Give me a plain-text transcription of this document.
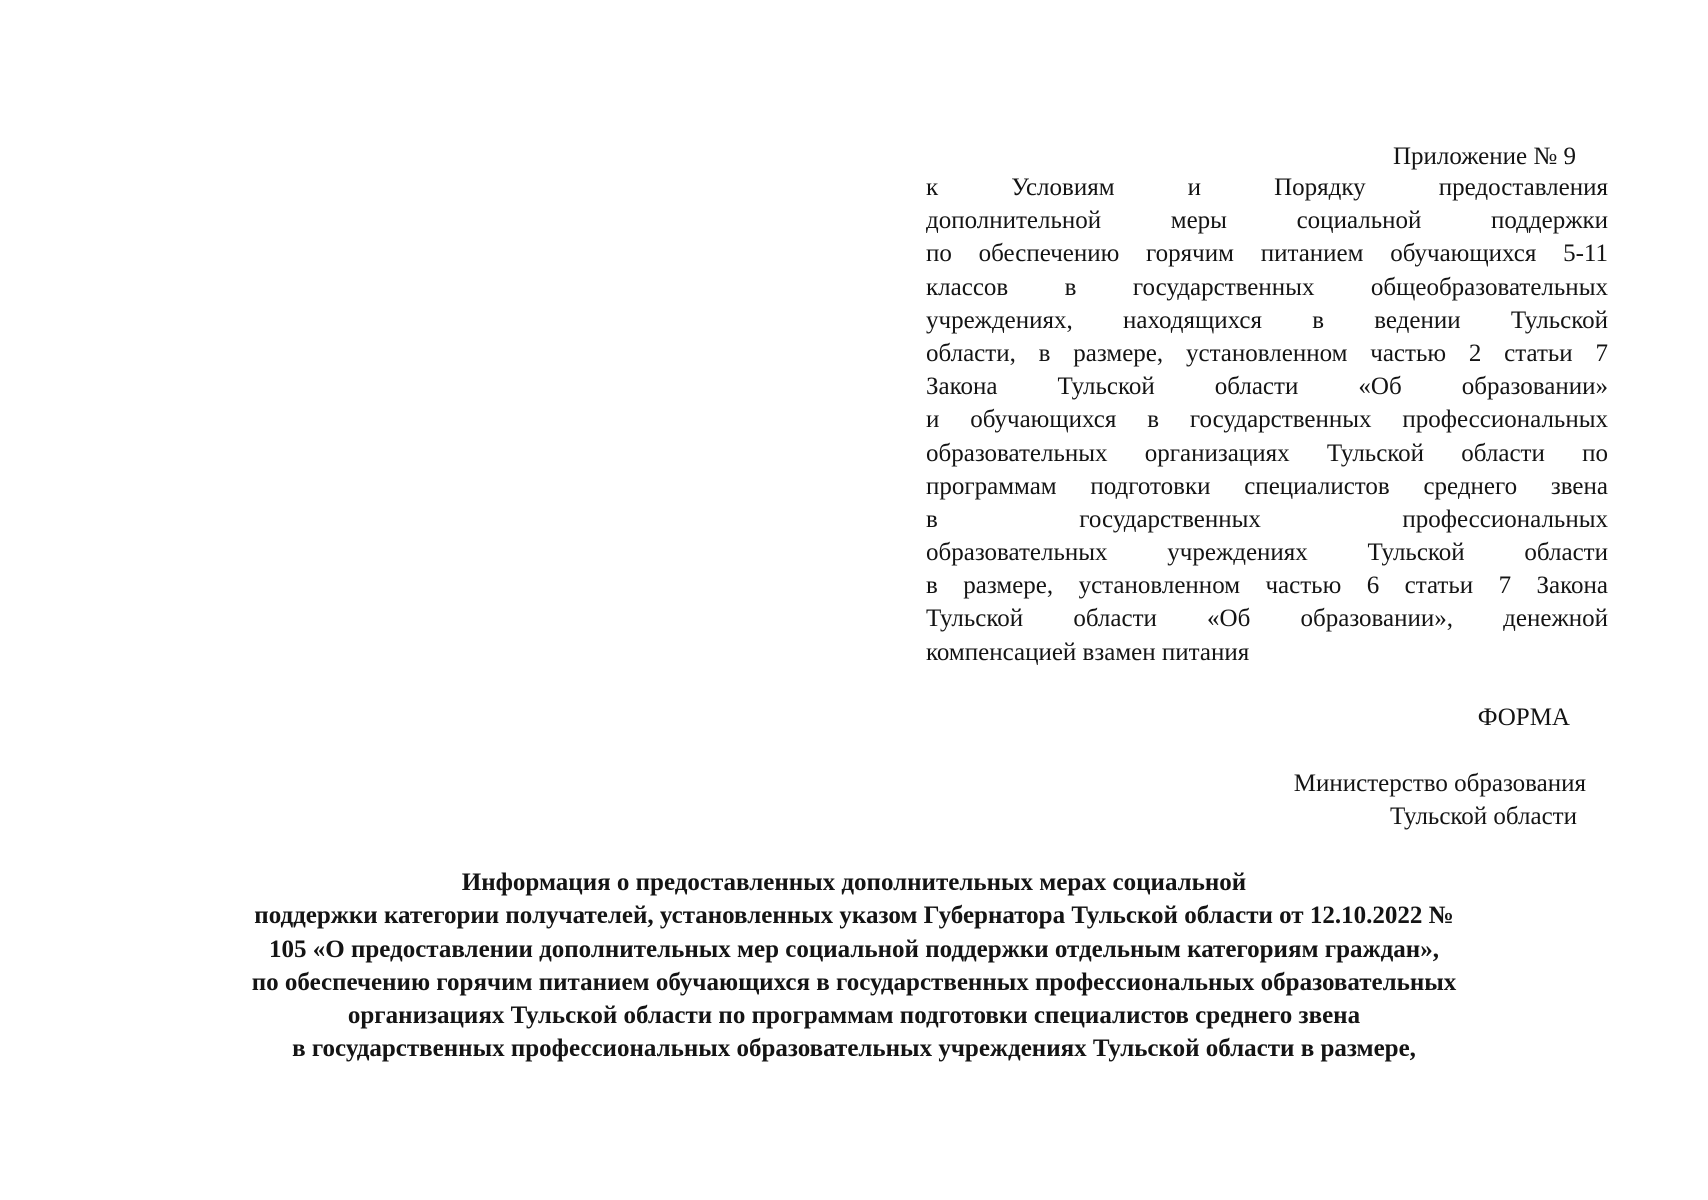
Приложение № 9
к Условиям и Порядку предоставления
дополнительной меры социальной поддержки
по обеспечению горячим питанием обучающихся 5-11
классов в государственных общеобразовательных
учреждениях, находящихся в ведении Тульской
области, в размере, установленном частью 2 статьи 7
Закона Тульской области «Об образовании»
и обучающихся в государственных профессиональных
образовательных организациях Тульской области по
программам подготовки специалистов среднего звена
в государственных профессиональных
образовательных учреждениях Тульской области
в размере, установленном частью 6 статьи 7 Закона
Тульской области «Об образовании», денежной
компенсацией взамен питания
ФОРМА
Министерство образования
Тульской области
Информация о предоставленных дополнительных мерах социальной
поддержки категории получателей, установленных указом Губернатора Тульской области от 12.10.2022 №
105 «О предоставлении дополнительных мер социальной поддержки отдельным категориям граждан»,
по обеспечению горячим питанием обучающихся в государственных профессиональных образовательных
организациях Тульской области по программам подготовки специалистов среднего звена
в государственных профессиональных образовательных учреждениях Тульской области в размере,
